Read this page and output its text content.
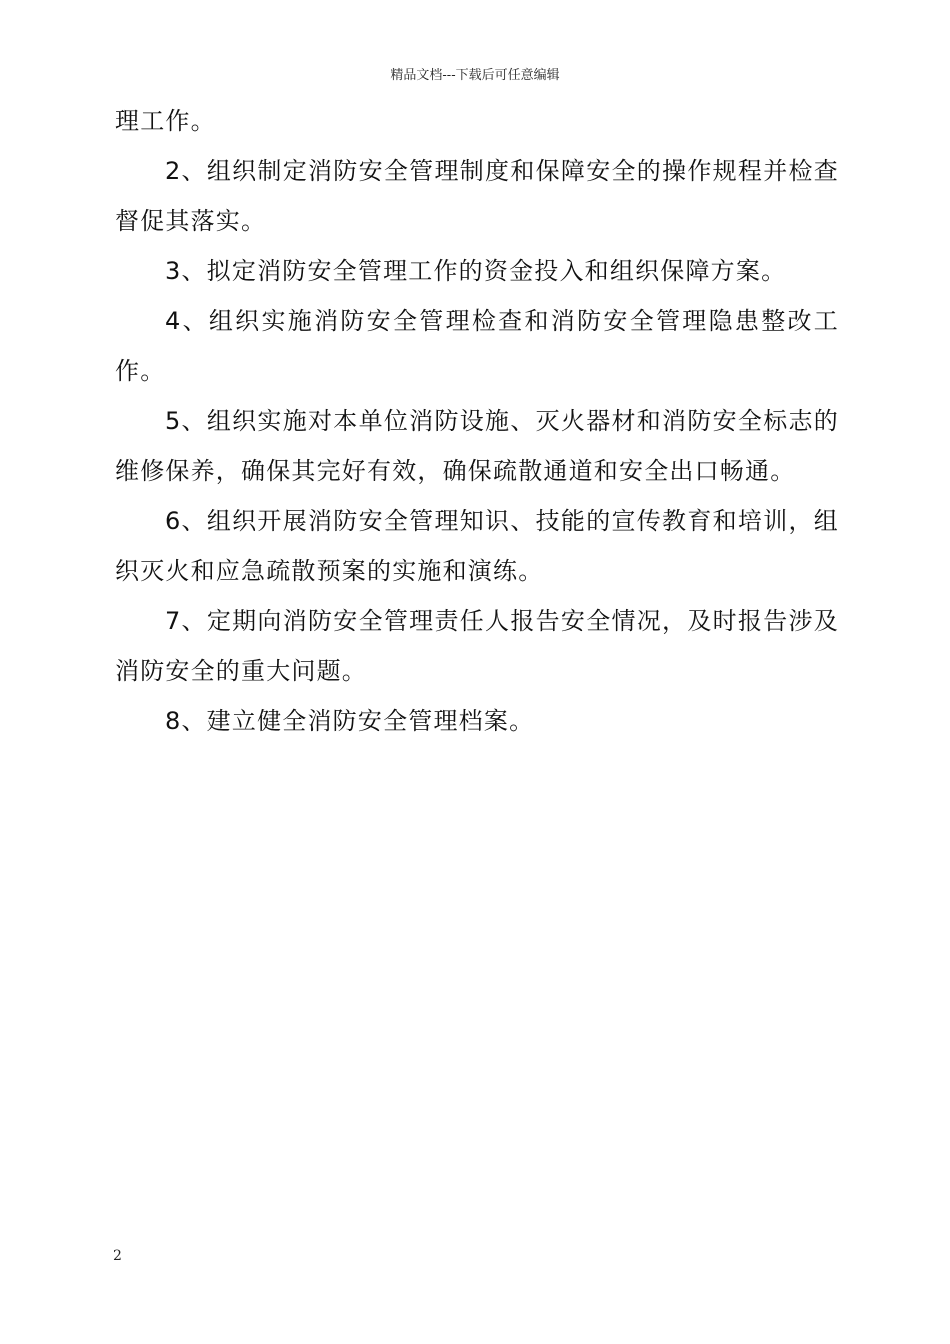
精品文档---下载后可任意编辑

理工作。

2、组织制定消防安全管理制度和保障安全的操作规程并检查督促其落实。

3、拟定消防安全管理工作的资金投入和组织保障方案。

4、组织实施消防安全管理检查和消防安全管理隐患整改工作。

5、组织实施对本单位消防设施、灭火器材和消防安全标志的维修保养，确保其完好有效，确保疏散通道和安全出口畅通。

6、组织开展消防安全管理知识、技能的宣传教育和培训，组织灭火和应急疏散预案的实施和演练。

7、定期向消防安全管理责任人报告安全情况，及时报告涉及消防安全的重大问题。

8、建立健全消防安全管理档案。

2
